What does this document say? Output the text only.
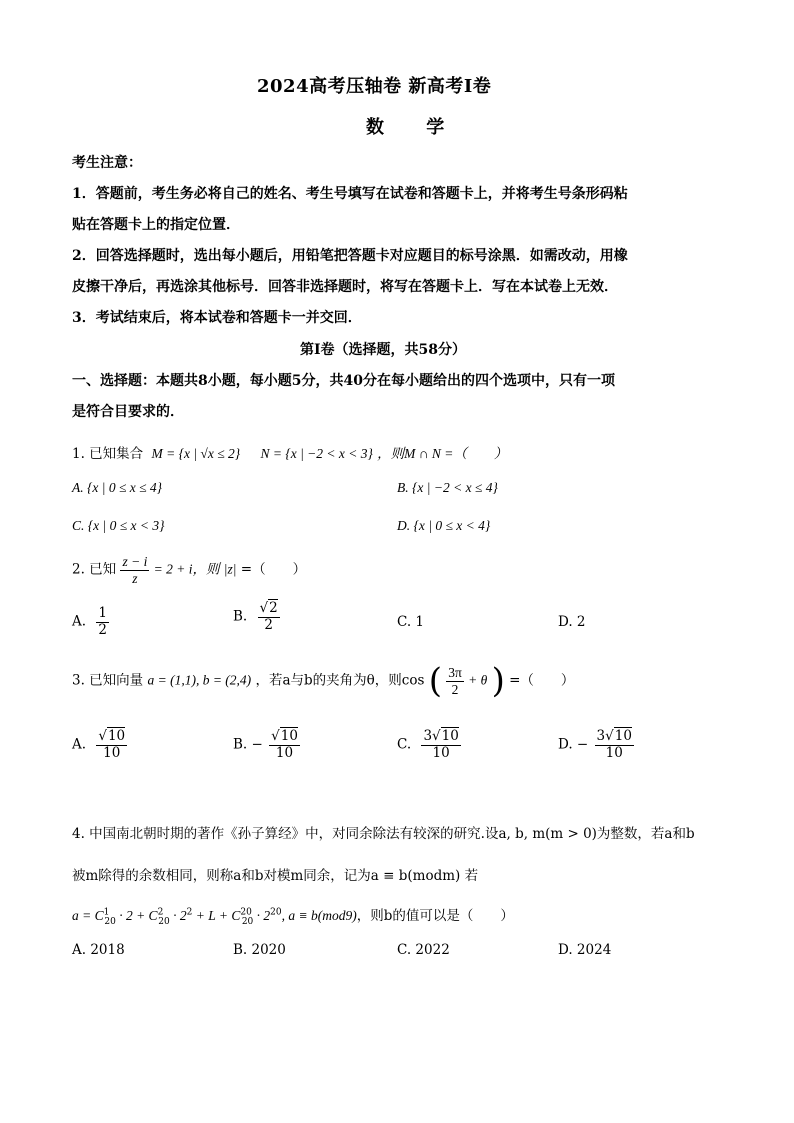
2024高考压轴卷 新高考Ⅰ卷
数 学
考生注意：
1．答题前，考生务必将自己的姓名、考生号填写在试卷和答题卡上，并将考生号条形码粘
贴在答题卡上的指定位置．
2．回答选择题时，选出每小题后，用铅笔把答题卡对应题目的标号涂黑．如需改动，用橡
皮擦干净后，再选涂其他标号．回答非选择题时，将写在答题卡上．写在本试卷上无效．
3．考试结束后，将本试卷和答题卡一并交回．
第Ⅰ卷（选择题，共58分）
一、选择题：本题共8小题，每小题5分，共40分在每小题给出的四个选项中，只有一项
是符合目要求的．
1. 已知集合 M = {x | √x ≤ 2} N = {x | −2 < x < 3} ，则M ∩ N =（　　）
A. {x | 0 ≤ x ≤ 4}	B. {x | −2 < x ≤ 4}
C. {x | 0 ≤ x < 3}	D. {x | 0 ≤ x < 4}
2. 已知 $\frac{z - i}{z} = 2 + i$，则 |z| =（　　）
A. $\frac{1}{2}$	B. $\frac{√2}{2}$	C. 1	D. 2
3. 已知向量 a = (1,1), b = (2,4) ，若a与b的夹角为θ，则cos ( $\frac{3\pi}{2} + \theta$ ) =（　　）
A. $\frac{√10}{10}$	B. − $\frac{√10}{10}$	C. $\frac{3√10}{10}$	D. − $\frac{3√10}{10}$
4. 中国南北朝时期的著作《孙子算经》中，对同余除法有较深的研究.设a, b, m(m > 0)为整数，若a和b
被m除得的余数相同，则称a和b对模m同余，记为a ≡ b(modm) 若
$a = C^1_{20} \cdot 2 + C^2_{20} \cdot 2^2 + L + C^{20}_{20} \cdot 2^{20}$, a ≡ b(mod9)，则b的值可以是（　　）
A. 2018	B. 2020	C. 2022	D. 2024
